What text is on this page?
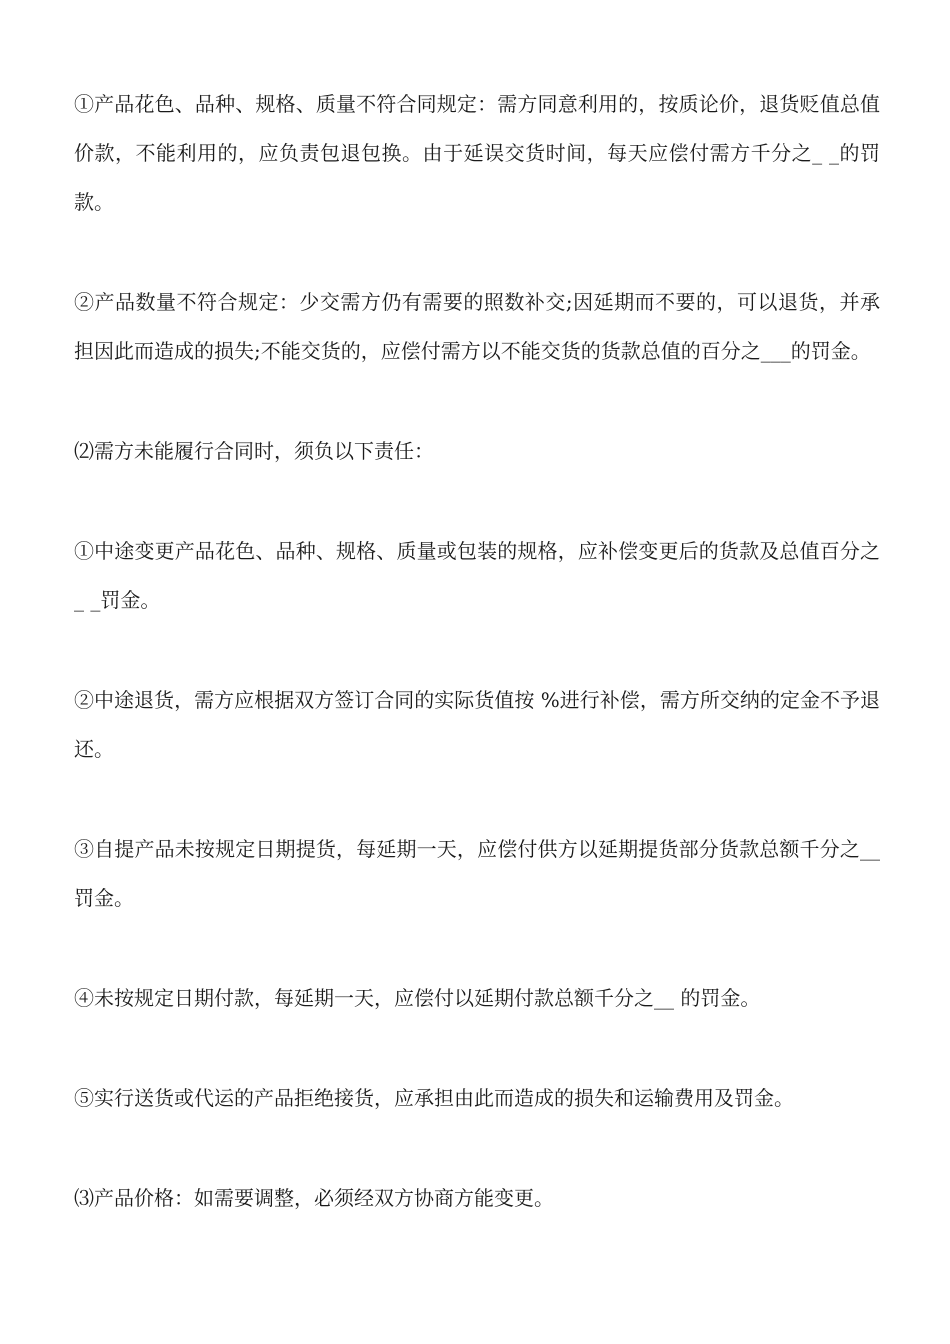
①产品花色、品种、规格、质量不符合同规定：需方同意利用的，按质论价，退货贬值总值价款，不能利用的，应负责包退包换。由于延误交货时间，每天应偿付需方千分之_ _的罚款。

②产品数量不符合规定：少交需方仍有需要的照数补交;因延期而不要的，可以退货，并承担因此而造成的损失;不能交货的，应偿付需方以不能交货的货款总值的百分之___的罚金。

⑵需方未能履行合同时，须负以下责任：

①中途变更产品花色、品种、规格、质量或包装的规格，应补偿变更后的货款及总值百分之_ _罚金。

②中途退货，需方应根据双方签订合同的实际货值按 %进行补偿，需方所交纳的定金不予退还。

③自提产品未按规定日期提货，每延期一天，应偿付供方以延期提货部分货款总额千分之__ 罚金。

④未按规定日期付款，每延期一天，应偿付以延期付款总额千分之__ 的罚金。

⑤实行送货或代运的产品拒绝接货，应承担由此而造成的损失和运输费用及罚金。

⑶产品价格：如需要调整，必须经双方协商方能变更。
